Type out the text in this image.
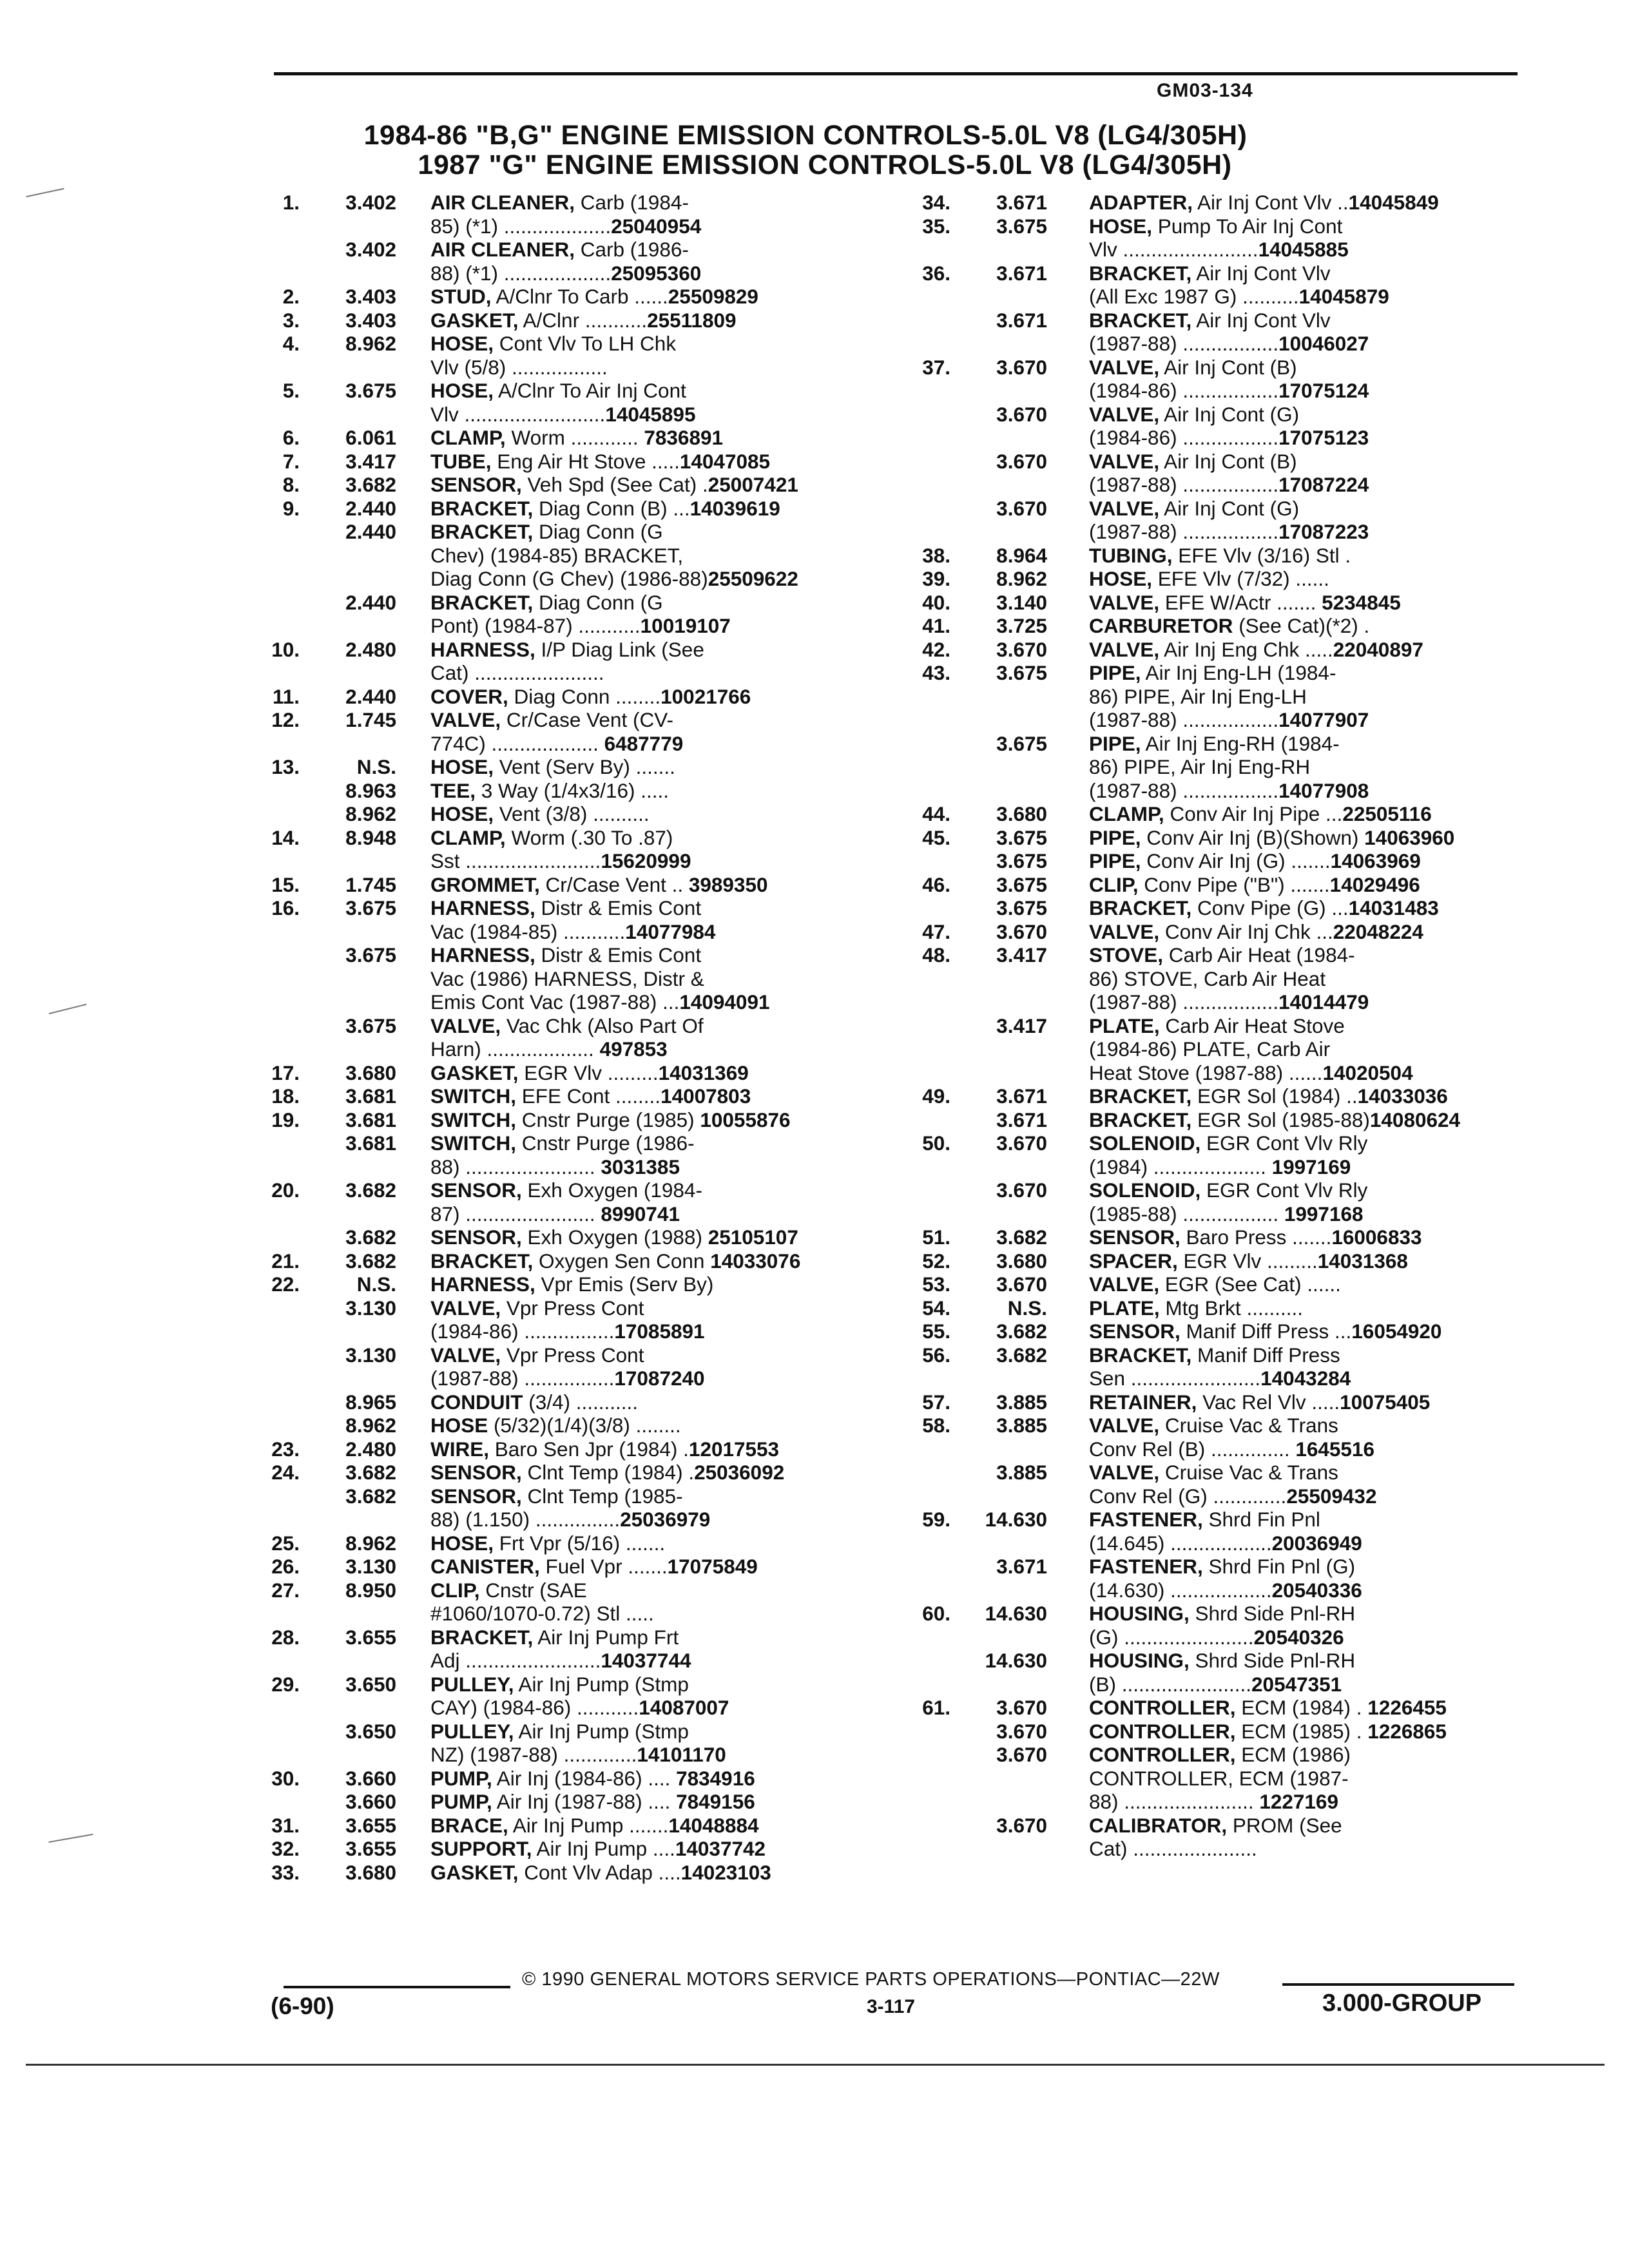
GM03-134
1984-86 "B,G" ENGINE EMISSION CONTROLS-5.0L V8 (LG4/305H)
1987 "G" ENGINE EMISSION CONTROLS-5.0L V8 (LG4/305H)
1.	3.402 AIR CLEANER, Carb (1984-
85) (*1) ...................25040954
3.402 AIR CLEANER, Carb (1986-
88) (*1) ...................25095360
2.	3.403 STUD, A/Clnr To Carb ......25509829
3.	3.403 GASKET, A/Clnr ...........25511809
4.	8.962 HOSE, Cont Vlv To LH Chk
Vlv (5/8) .................
5.	3.675 HOSE, A/Clnr To Air Inj Cont
Vlv .........................14045895
6.	6.061 CLAMP, Worm ............ 7836891
7.	3.417 TUBE, Eng Air Ht Stove .....14047085
8.	3.682 SENSOR, Veh Spd (See Cat) .25007421
9.	2.440 BRACKET, Diag Conn (B) ...14039619
2.440 BRACKET, Diag Conn (G
Chev) (1984-85) BRACKET,
Diag Conn (G Chev) (1986-88)25509622
2.440 BRACKET, Diag Conn (G
Pont) (1984-87) ...........10019107
10.	2.480 HARNESS, I/P Diag Link (See
Cat) .......................
11.	2.440 COVER, Diag Conn ........10021766
12.	1.745 VALVE, Cr/Case Vent (CV-
774C) ................... 6487779
13.	N.S. HOSE, Vent (Serv By) .......
8.963 TEE, 3 Way (1/4x3/16) .....
8.962 HOSE, Vent (3/8) ..........
14.	8.948 CLAMP, Worm (.30 To .87)
Sst ........................15620999
15.	1.745 GROMMET, Cr/Case Vent .. 3989350
16.	3.675 HARNESS, Distr & Emis Cont
Vac (1984-85) ...........14077984
3.675 HARNESS, Distr & Emis Cont
Vac (1986) HARNESS, Distr &
Emis Cont Vac (1987-88) ...14094091
3.675 VALVE, Vac Chk (Also Part Of
Harn) ................... 497853
17.	3.680 GASKET, EGR Vlv .........14031369
18.	3.681 SWITCH, EFE Cont ........14007803
19.	3.681 SWITCH, Cnstr Purge (1985) 10055876
3.681 SWITCH, Cnstr Purge (1986-
88) ....................... 3031385
20.	3.682 SENSOR, Exh Oxygen (1984-
87) ....................... 8990741
3.682 SENSOR, Exh Oxygen (1988) 25105107
21.	3.682 BRACKET, Oxygen Sen Conn 14033076
22.	N.S. HARNESS, Vpr Emis (Serv By)
3.130 VALVE, Vpr Press Cont
(1984-86) ................17085891
3.130 VALVE, Vpr Press Cont
(1987-88) ................17087240
8.965 CONDUIT (3/4) ...........
8.962 HOSE (5/32)(1/4)(3/8) ........
23.	2.480 WIRE, Baro Sen Jpr (1984) .12017553
24.	3.682 SENSOR, Clnt Temp (1984) .25036092
3.682 SENSOR, Clnt Temp (1985-
88) (1.150) ...............25036979
25.	8.962 HOSE, Frt Vpr (5/16) .......
26.	3.130 CANISTER, Fuel Vpr .......17075849
27.	8.950 CLIP, Cnstr (SAE
#1060/1070-0.72) Stl .....
28.	3.655 BRACKET, Air Inj Pump Frt
Adj ........................14037744
29.	3.650 PULLEY, Air Inj Pump (Stmp
CAY) (1984-86) ...........14087007
3.650 PULLEY, Air Inj Pump (Stmp
NZ) (1987-88) .............14101170
30.	3.660 PUMP, Air Inj (1984-86) .... 7834916
3.660 PUMP, Air Inj (1987-88) .... 7849156
31.	3.655 BRACE, Air Inj Pump .......14048884
32.	3.655 SUPPORT, Air Inj Pump ....14037742
33.	3.680 GASKET, Cont Vlv Adap ....14023103
34.	3.671 ADAPTER, Air Inj Cont Vlv ..14045849
35.	3.675 HOSE, Pump To Air Inj Cont
Vlv ........................14045885
36.	3.671 BRACKET, Air Inj Cont Vlv
(All Exc 1987 G) ..........14045879
3.671 BRACKET, Air Inj Cont Vlv
(1987-88) .................10046027
37.	3.670 VALVE, Air Inj Cont (B)
(1984-86) .................17075124
3.670 VALVE, Air Inj Cont (G)
(1984-86) .................17075123
3.670 VALVE, Air Inj Cont (B)
(1987-88) .................17087224
3.670 VALVE, Air Inj Cont (G)
(1987-88) .................17087223
38.	8.964 TUBING, EFE Vlv (3/16) Stl .
39.	8.962 HOSE, EFE Vlv (7/32) ......
40.	3.140 VALVE, EFE W/Actr ....... 5234845
41.	3.725 CARBURETOR (See Cat)(*2) .
42.	3.670 VALVE, Air Inj Eng Chk .....22040897
43.	3.675 PIPE, Air Inj Eng-LH (1984-
86) PIPE, Air Inj Eng-LH
(1987-88) .................14077907
3.675 PIPE, Air Inj Eng-RH (1984-
86) PIPE, Air Inj Eng-RH
(1987-88) .................14077908
44.	3.680 CLAMP, Conv Air Inj Pipe ...22505116
45.	3.675 PIPE, Conv Air Inj (B)(Shown) 14063960
3.675 PIPE, Conv Air Inj (G) .......14063969
46.	3.675 CLIP, Conv Pipe ("B") .......14029496
3.675 BRACKET, Conv Pipe (G) ...14031483
47.	3.670 VALVE, Conv Air Inj Chk ...22048224
48.	3.417 STOVE, Carb Air Heat (1984-
86) STOVE, Carb Air Heat
(1987-88) .................14014479
3.417 PLATE, Carb Air Heat Stove
(1984-86) PLATE, Carb Air
Heat Stove (1987-88) ......14020504
49.	3.671 BRACKET, EGR Sol (1984) ..14033036
3.671 BRACKET, EGR Sol (1985-88)14080624
50.	3.670 SOLENOID, EGR Cont Vlv Rly
(1984) .................... 1997169
3.670 SOLENOID, EGR Cont Vlv Rly
(1985-88) ................. 1997168
51.	3.682 SENSOR, Baro Press .......16006833
52.	3.680 SPACER, EGR Vlv .........14031368
53.	3.670 VALVE, EGR (See Cat) ......
54.	N.S. PLATE, Mtg Brkt ..........
55.	3.682 SENSOR, Manif Diff Press ...16054920
56.	3.682 BRACKET, Manif Diff Press
Sen .......................14043284
57.	3.885 RETAINER, Vac Rel Vlv .....10075405
58.	3.885 VALVE, Cruise Vac & Trans
Conv Rel (B) .............. 1645516
3.885 VALVE, Cruise Vac & Trans
Conv Rel (G) .............25509432
59.	14.630 FASTENER, Shrd Fin Pnl
(14.645) ..................20036949
3.671 FASTENER, Shrd Fin Pnl (G)
(14.630) ..................20540336
60.	14.630 HOUSING, Shrd Side Pnl-RH
(G) .......................20540326
14.630 HOUSING, Shrd Side Pnl-RH
(B) .......................20547351
61.	3.670 CONTROLLER, ECM (1984) . 1226455
3.670 CONTROLLER, ECM (1985) . 1226865
3.670 CONTROLLER, ECM (1986)
CONTROLLER, ECM (1987-
88) ....................... 1227169
3.670 CALIBRATOR, PROM (See
Cat) ......................
© 1990 GENERAL MOTORS SERVICE PARTS OPERATIONS—PONTIAC—22W
(6-90)	3-117	3.000-GROUP
